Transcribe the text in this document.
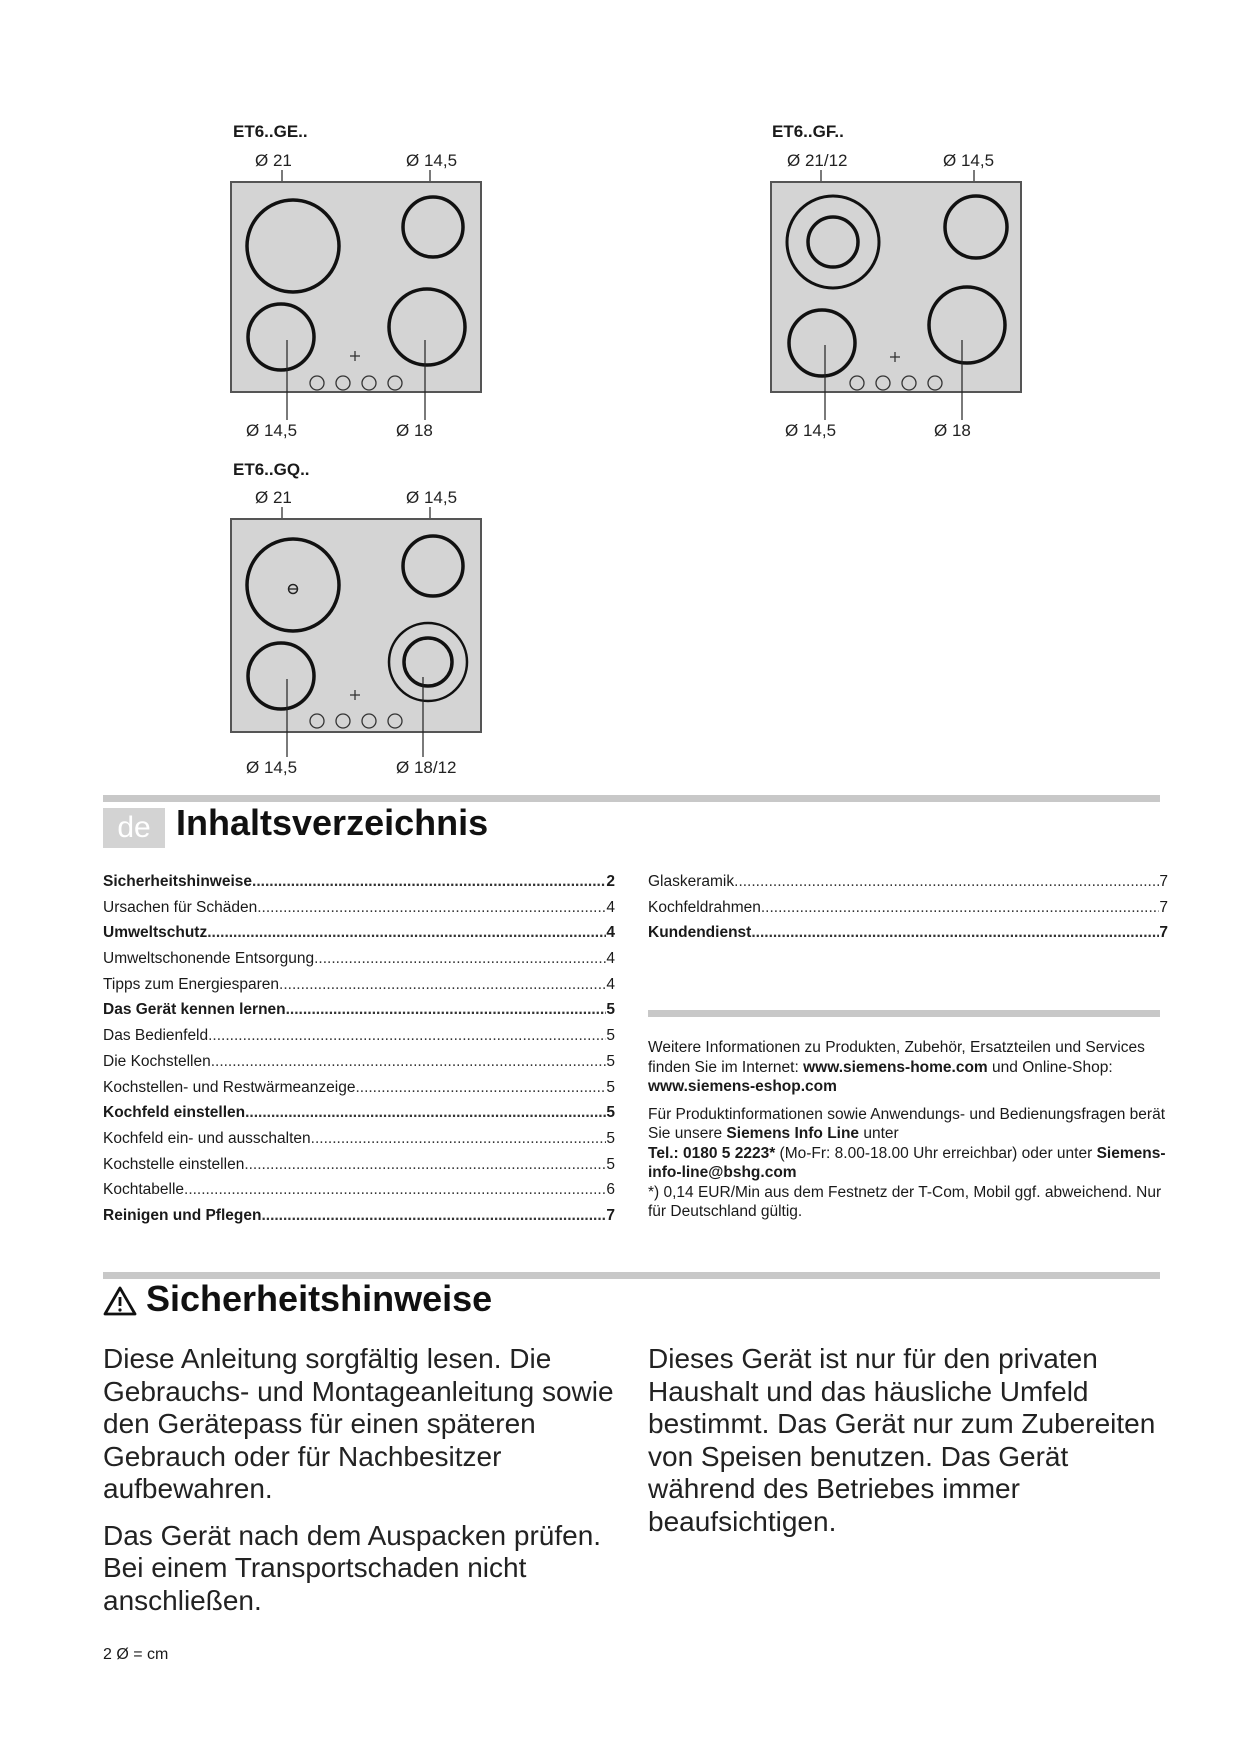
ET6..GE..
Ø 21	Ø 14,5
Ø 14,5	Ø 18
ET6..GF..
Ø 21/12	Ø 14,5
Ø 14,5	Ø 18
ET6..GQ..
Ø 21	Ø 14,5
Ø 14,5	Ø 18/12
de Inhaltsverzeichnis
Sicherheitshinweise .....	2
Ursachen für Schäden .....	4
Umweltschutz .....	4
Umweltschonende Entsorgung .....	4
Tipps zum Energiesparen .....	4
Das Gerät kennen lernen .....	5
Das Bedienfeld .....	5
Die Kochstellen .....	5
Kochstellen- und Restwärmeanzeige .....	5
Kochfeld einstellen .....	5
Kochfeld ein- und ausschalten .....	5
Kochstelle einstellen .....	5
Kochtabelle .....	6
Reinigen und Pflegen .....	7
Glaskeramik .....	7
Kochfeldrahmen .....	7
Kundendienst .....	7
Weitere Informationen zu Produkten, Zubehör, Ersatzteilen und Services finden Sie im Internet: www.siemens-home.com und Online-Shop: www.siemens-eshop.com
Für Produktinformationen sowie Anwendungs- und Bedienungsfragen berät Sie unsere Siemens Info Line unter
Tel.: 0180 5 2223* (Mo-Fr: 8.00-18.00 Uhr erreichbar) oder unter Siemens-info-line@bshg.com
*) 0,14 EUR/Min aus dem Festnetz der T-Com, Mobil ggf. abweichend. Nur für Deutschland gültig.
Sicherheitshinweise

Diese Anleitung sorgfältig lesen. Die Gebrauchs- und Montageanleitung sowie den Gerätepass für einen späteren Gebrauch oder für Nachbesitzer aufbewahren.

Das Gerät nach dem Auspacken prüfen. Bei einem Transportschaden nicht anschließen.

Dieses Gerät ist nur für den privaten Haushalt und das häusliche Umfeld bestimmt. Das Gerät nur zum Zubereiten von Speisen benutzen. Das Gerät während des Betriebes immer beaufsichtigen.

2 Ø = cm
